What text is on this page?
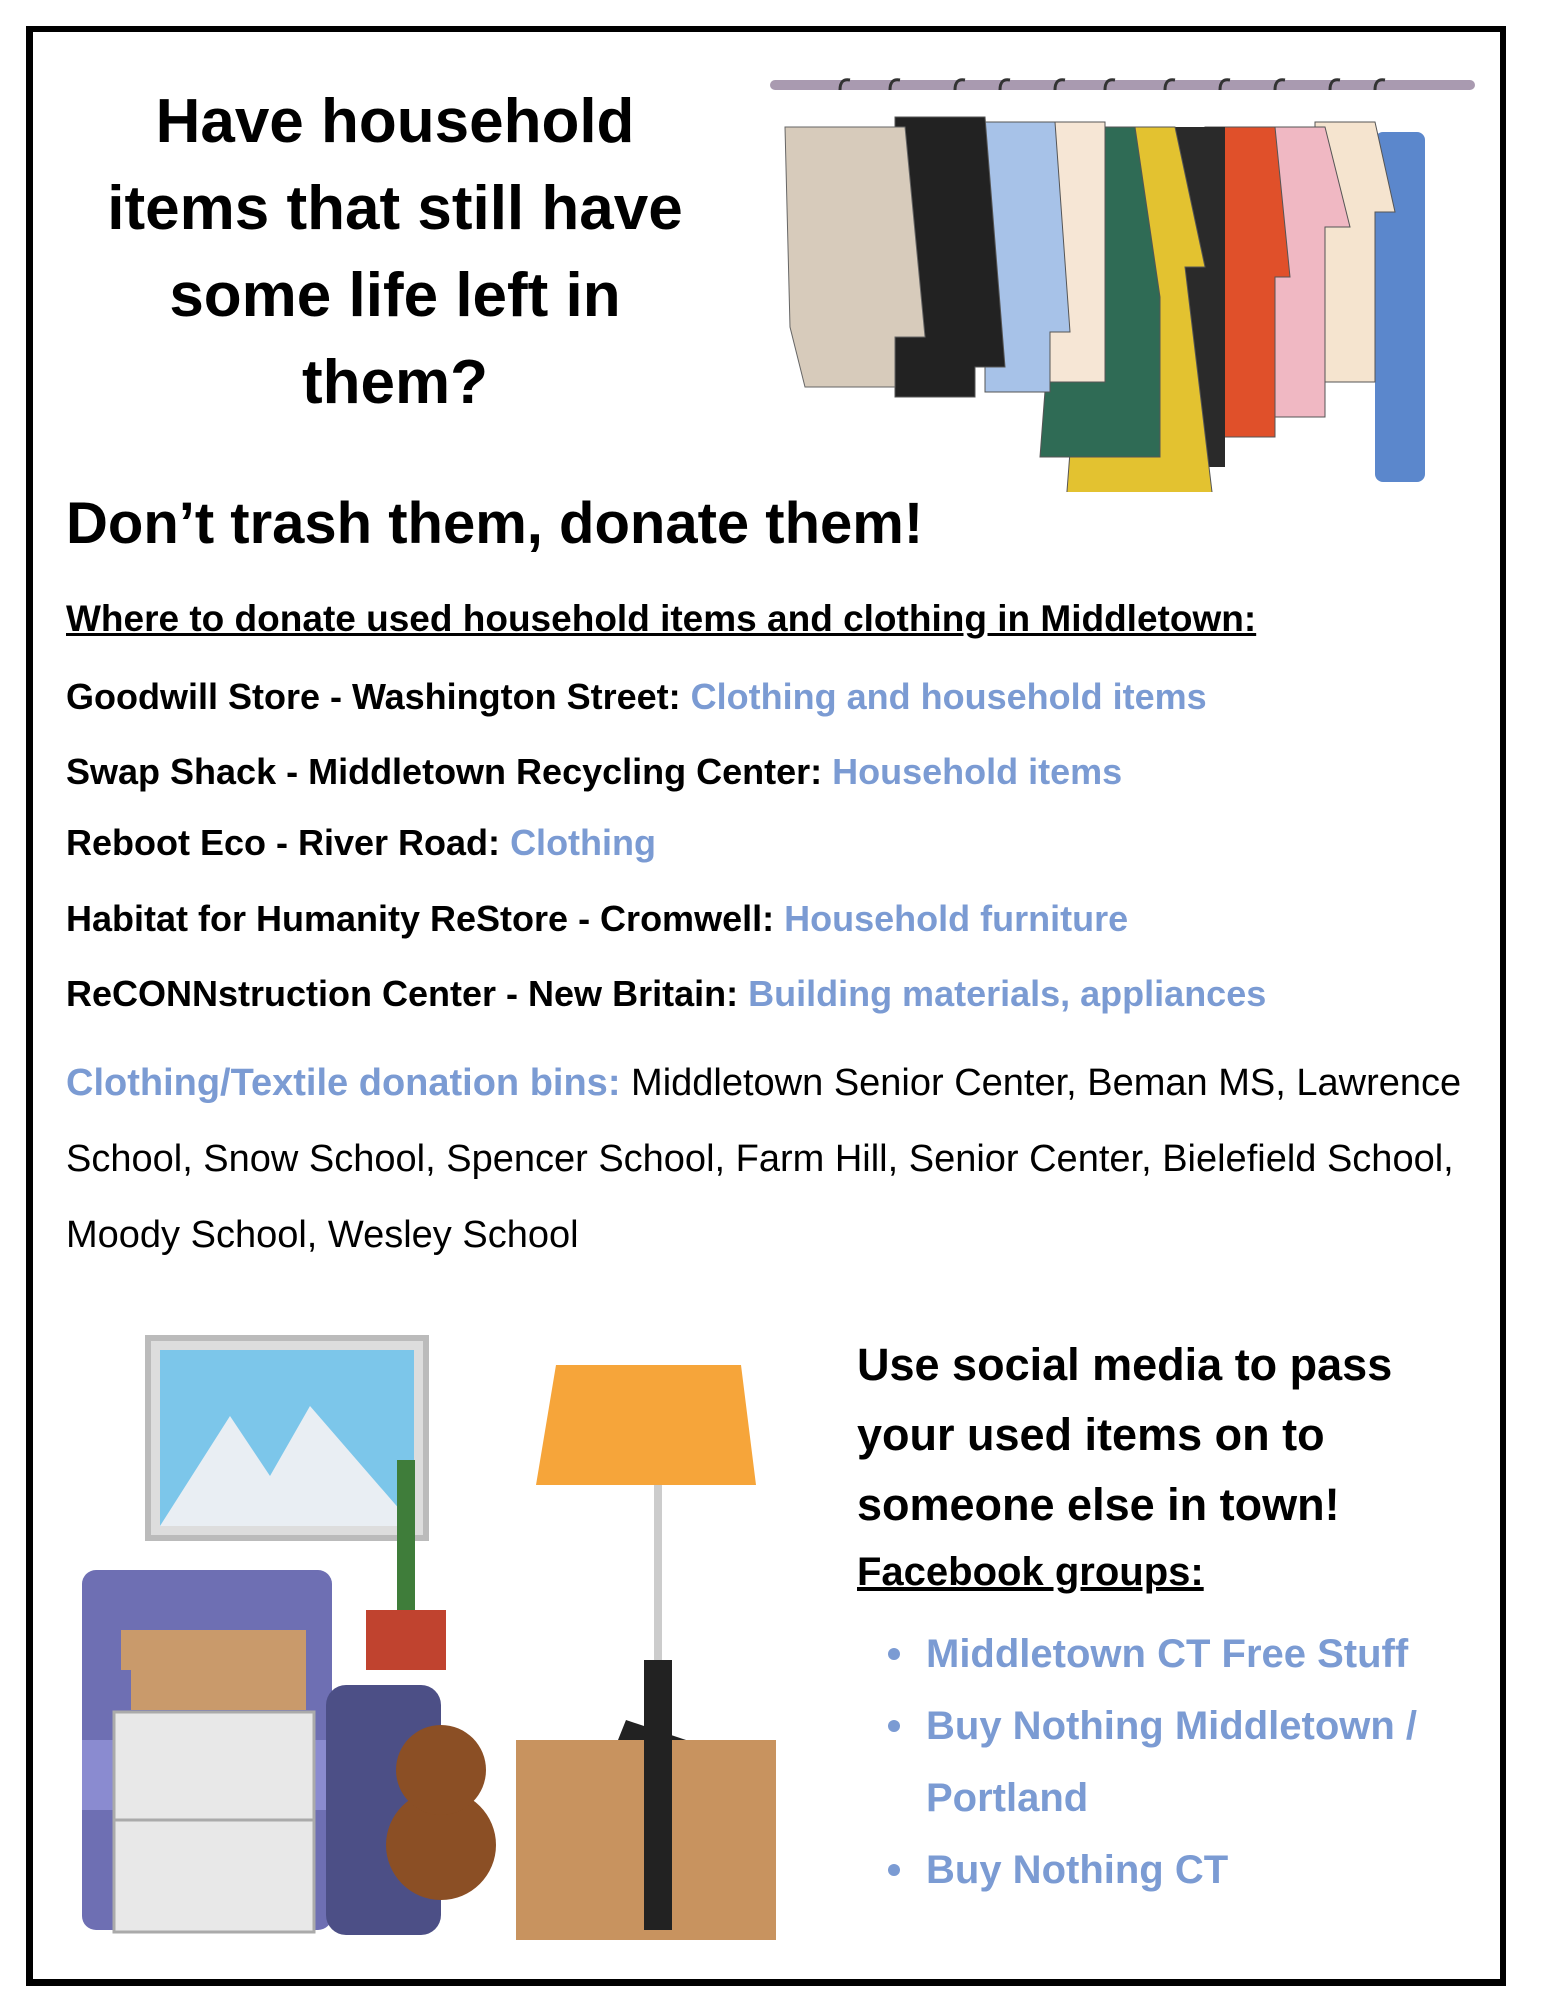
Have household
items that still have
some life left in
them?
Don’t trash them, donate them!
Where to donate used household items and clothing in Middletown:
Goodwill Store - Washington Street: Clothing and household items
Swap Shack - Middletown Recycling Center: Household items
Reboot Eco - River Road: Clothing
Habitat for Humanity ReStore - Cromwell: Household furniture
ReCONNstruction Center - New Britain: Building materials, appliances
Clothing/Textile donation bins: Middletown Senior Center, Beman MS, Lawrence School, Snow School, Spencer School, Farm Hill, Senior Center, Bielefield School, Moody School, Wesley School
Use social media to pass your used items on to someone else in town!
Facebook groups:
Middletown CT Free Stuff
Buy Nothing Middletown / Portland
Buy Nothing CT
